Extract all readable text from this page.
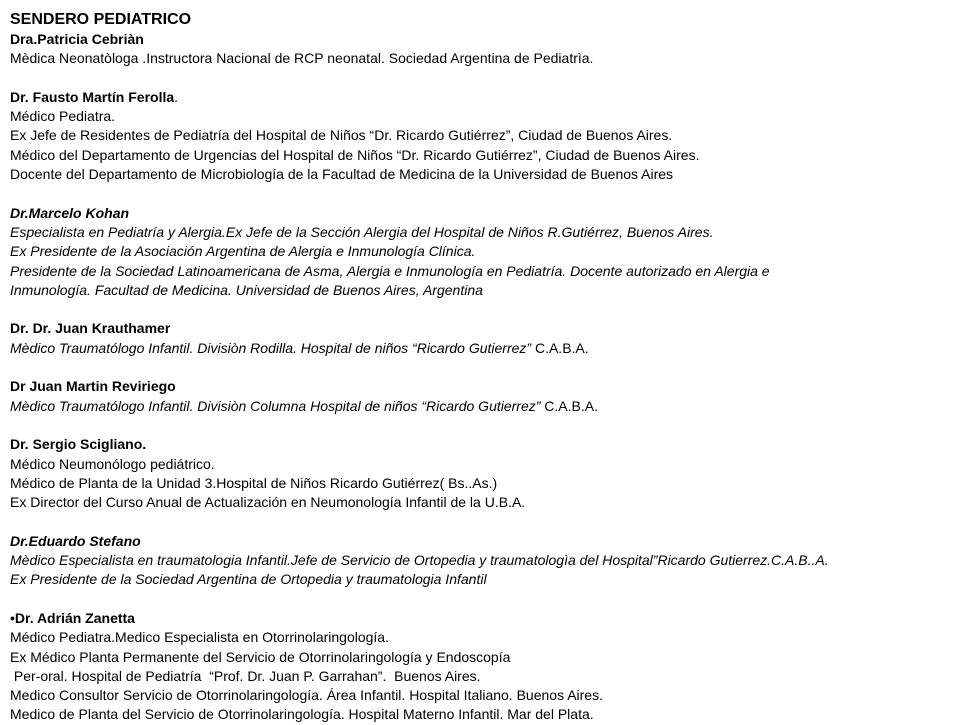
SENDERO PEDIATRICO

Dra.Patricia Cebriàn

Mèdica Neonatòloga .Instructora Nacional de RCP neonatal. Sociedad Argentina de Pediatrìa.

Dr. Fausto Martín Ferolla.

Médico Pediatra.

Ex Jefe de Residentes de Pediatría del Hospital de Niños “Dr. Ricardo Gutiérrez”, Ciudad de Buenos Aires.

Médico del Departamento de Urgencias del Hospital de Niños “Dr. Ricardo Gutiérrez”, Ciudad de Buenos Aires.

Docente del Departamento de Microbiología de la Facultad de Medicina de la Universidad de Buenos Aires

Dr.Marcelo Kohan

Especialista en Pediatría y Alergia.Ex Jefe de la Sección Alergia del Hospital de Niños R.Gutiérrez, Buenos Aires.

Ex Presidente de la Asociación Argentina de Alergia e Inmunología Clínica.

Presidente de la Sociedad Latinoamericana de Asma, Alergia e Inmunología en Pediatría. Docente autorizado en Alergia e

Inmunología. Facultad de Medicina. Universidad de Buenos Aires, Argentina

Dr. Dr. Juan Krauthamer

Mèdico Traumatólogo Infantil. Divisiòn Rodilla. Hospital de niños “Ricardo Gutierrez” C.A.B.A.

Dr Juan Martin Reviriego

Mèdico Traumatólogo Infantil. Divisiòn Columna Hospital de niños “Ricardo Gutierrez” C.A.B.A.

Dr. Sergio Scigliano.

Médico Neumonólogo pediátrico.

Médico de Planta de la Unidad 3.Hospital de Niños Ricardo Gutiérrez( Bs..As.)

Ex Director del Curso Anual de Actualización en Neumonología Infantil de la U.B.A.

Dr.Eduardo Stefano

Mèdico Especialista en traumatologia Infantil.Jefe de Servicio de Ortopedia y traumatologìa del Hospital”Ricardo Gutierrez.C.A.B..A.

Ex Presidente de la Sociedad Argentina de Ortopedia y traumatologia Infantil

•Dr. Adrián Zanetta

Médico Pediatra.Medico Especialista en Otorrinolaringología.

Ex Médico Planta Permanente del Servicio de Otorrinolaringología y Endoscopía

Per-oral. Hospital de Pediatría  “Prof. Dr. Juan P. Garrahan”.  Buenos Aires.

Medico Consultor Servicio de Otorrinolaringología. Área Infantil. Hospital Italiano. Buenos Aires.

Medico de Planta del Servicio de Otorrinolaringología. Hospital Materno Infantil. Mar del Plata.
